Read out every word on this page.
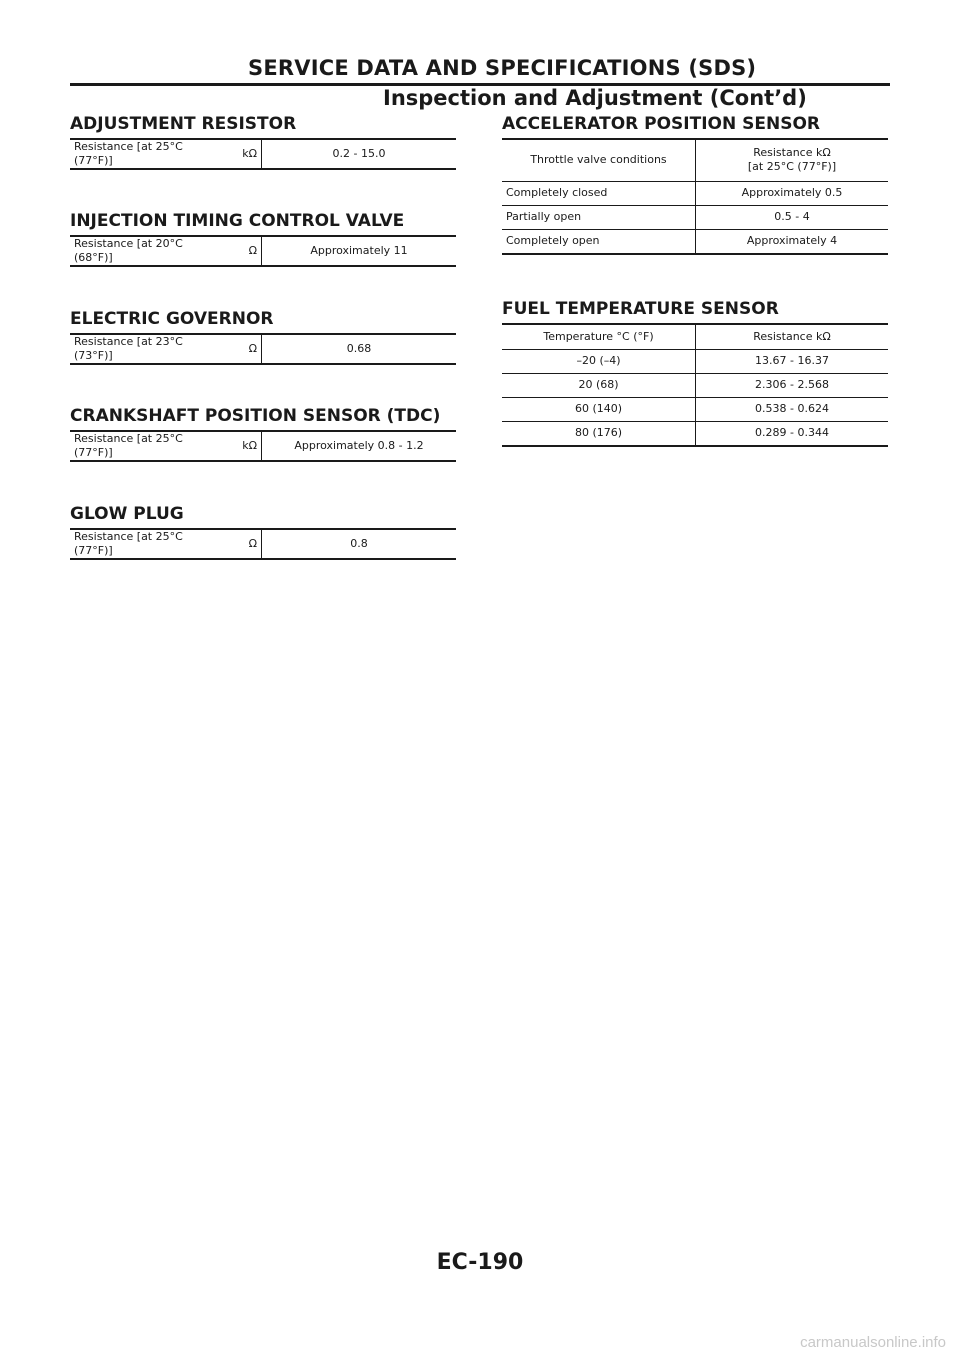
SERVICE DATA AND SPECIFICATIONS (SDS)
Inspection and Adjustment (Cont’d)
ADJUSTMENT RESISTOR
Resistance [at 25°C (77°F)]	kΩ	0.2 - 15.0
INJECTION TIMING CONTROL VALVE
Resistance [at 20°C (68°F)]	Ω	Approximately 11
ELECTRIC GOVERNOR
Resistance [at 23°C (73°F)]	Ω	0.68
CRANKSHAFT POSITION SENSOR (TDC)
Resistance [at 25°C (77°F)]	kΩ	Approximately 0.8 - 1.2
GLOW PLUG
Resistance [at 25°C (77°F)]	Ω	0.8
ACCELERATOR POSITION SENSOR
Throttle valve conditions	Resistance kΩ
[at 25°C (77°F)]
Completely closed	Approximately 0.5
Partially open	0.5 - 4
Completely open	Approximately 4
FUEL TEMPERATURE SENSOR
Temperature °C (°F)	Resistance kΩ
–20 (–4)	13.67 - 16.37
20 (68)	2.306 - 2.568
60 (140)	0.538 - 0.624
80 (176)	0.289 - 0.344
EC-190
carmanualsonline.info
